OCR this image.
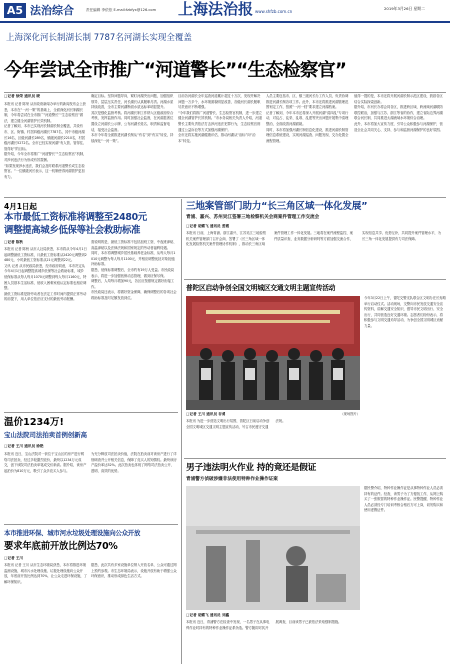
A5 法治综合	责任编辑 李依依 E-mail:fzbfyx@126.com 上海法治报 www.shfzb.com.cn
2019年3月26日 星期二
上海深化河长制湖长制 7787名河湖长实现全覆盖
今年尝试全市推广“河道警长”“生态检察官”
□记者 徐荣 通讯员 晓
本报讯 记者 陈荣 从市政府新闻办举行的新闻发布会上获悉，本市在“一河一策”的基础上，全面深化河长制湖长制，今年将尝试在全市推广“河道警长”“生态检察官”做法，建立健全河湖管护长效机制。
记者了解到，本市已实现河长制湖长制全覆盖，共设有市、区、街镇、村居四级河湖长7787名，其中市级河湖长16名，区级河湖长289名，镇级河湖长2210名，村居级河湖长5272名。全市已经实现河湖“有人管、管得住、管得好”的目标。
据介绍，今年全市将推广“河道警长”“生态检察官”机制，对涉河违法行为形成有效震慑。
“如果发现涉水违法，我们会及时联系河道警长或生态检察官。”一位镇级河长表示，这一机制使得河湖管护更加有力。
确定目标。坚持问题导向，紧盯河湖突出问题，加强组织领导，层层压实责任，河长湖长认真履职尽责。河湖水质持续改善，全市主要河湖断面水质达标率明显提升。
其次是强化监督考核。将河湖长制工作纳入区级政府综合考核，发挥监督作用。同时加强社会监督，在河湖显著位置设立河湖长公示牌，公布河湖长姓名、职责和监督电话，接受社会监督。
本市今年将全面推进河湖长制从“有名”到“有实”转变，持续深化“一河一策”。
目前各河湖长全年巡查河道累计超过十万次，发现并解决问题一万多个，水环境面貌明显改善，各级河长湖长履职尽责意识不断增强。
“今年我们将推广河道警长、生态检察官机制，进一步建立健全河湖管护长效机制。”市水务局相关负责人介绍，河道警长主要负责依法打击涉河违法犯罪行为，生态检察官则通过公益诉讼等方式加强河湖保护。
全市还将实施河湖健康评估，推动河湖从“治标”向“治本”转变。
人员主要包括市、区、镇三级河长办工作人员，负责协调推进河湖长制各项工作。此外，本市还将推进河湖管理范围划定工作，按照“一河一档”要求建立河湖档案。
记者了解到，今年本市还将深入开展河湖“清四乱”专项行动，对乱占、乱采、乱堆、乱建等突出问题开展集中清理整治，全面改善河湖面貌。
同时，本市将加强河湖长制信息化建设，推进河湖长制管理信息系统建设，实现河湖巡查、问题发现、交办处置全流程管理。
值得一提的是，本市还将开展河湖长制示范区建设，鼓励各区结合实际探索创新。
据介绍，市河长办将会同各区，推进跨区域、跨流域河湖联防联控联治，加强与江苏、浙江等省的协作，建立省际边界河湖联合河长制，共同推进太湖流域水环境综合治理。
此外，本市将加大宣传力度，引导公众积极参与河湖保护，营造全社会共同关心、支持、参与和监督河湖保护的良好氛围。
4月1日起
本市最低工资标准将调整至2480元
调整提高城乡低保等社会救助标准
□记者 陈秋
本报讯 记者 陈秋 从市人社局获悉，本市将从今年4月1日起调整最低工资标准，月最低工资标准从2420元调整到2480元，小时最低工资标准从21元调整到22元。
又讯 记者 从市民政局获悉，经市政府同意，本市决定从今年4月1日起调整提高城乡低保等社会救助标准，城乡低保标准从每人每月1070元调整到每人每月1160元，特困人员基本生活标准、低收入困难家庭认定标准也相应调整。
最低工资标准是指劳动者在法定工作时间内提供正常劳动的前提下，用人单位依法应支付的最低劳动报酬。
需说明的是，最低工资标准不包括加班工资、中夜班津贴、高温津贴以及法律法规和国家规定的劳动者福利待遇。
同时，本市将调整城乡居民基础养老金标准，从每人每月1010元调整为每人每月1100元，并相应调整优抚对象抚恤补助标准。
据悉，低保标准调整后，全市约有19万人受益。市民政局表示，将进一步加强低保动态管理，做到应保尽保。
调整后，人均每月增加90元，各区应按照规定做好衔接工作。
市民政局还表示，将做好资金保障，确保调整后的各项社会救助标准及时足额发放到位。
温价1234万!
宝山法院司法拍卖首例创新高
□记者 王川 通讯员 徐艳
本报讯 近日，宝山法院对一套位于宝山区的房产进行网络司法拍卖，经过多轮激烈竞价，最终以1234万元成交，创下该院司法拍卖单笔成交价新高。据介绍，该房产起拍价为810万元，吸引了众多竞买人参与。
为充分释放司法拍卖价值，法院在拍卖前对该房产进行了详细调查并公开相关信息，保障了竞买人的知情权。最终该房产溢价率达52%。此次拍卖也体现了网络司法拍卖公开、透明、高效的优势。
本市推进环保、城市河水垃圾处理设施向公众开放
要求年底前开放比例达70%
□记者 王川
本报讯 记者 王川 从市生态环境局获悉，本市将推进环境监测设施、城市污水处理设施、垃圾处理设施向公众开放，年底前开放比例达到70%，让公众走进环保设施，了解环保知识。
据悉，此次共有多家设施单位纳入开放名单，公众可通过网上预约参观。市生态环境局表示，设施开放有助于增强公众环保意识，推动形成绿色生活方式。
三地案管部门助力“长三角区域一体化发展”
青浦、嘉兴、苏州吴江签署三地检察机关会商案件管理工作交流会
□记者 胡蝶飞 通讯员 姜霞
本报讯 日前，上海青浦、浙江嘉兴、江苏吴江三地检察机关案件管理部门召开会商，签署了《长三角区域一体化发展检察机关案件管理协作机制》，推动长三角区域案件管理工作一体化发展。三地将在案件流程监控、案件质量评查、业务数据分析研判等方面加强交流合作，实现信息共享、优势互补，共同提升案件管理水平，为长三角一体化发展提供有力司法保障。
普陀区启动争创全国文明城区交通文明主题宣传活动
□记者 王川 通讯员 谷勇	（现场图片）
本报讯 为进一步营造文明出行氛围，普陀区日前启动争创全国文明城区交通文明主题宣传活动，号召市民遵守交通法规。
今年3月22日上午，普陀交警支队联合区文明办在长寿路举行启动仪式。活动现场，交警向市民发放交通安全宣传资料，讲解交通安全知识，倡导市民文明出行、安全出行，共同营造良好交通环境。志愿者们纷纷表示，将积极参与文明交通劝导活动，为争创全国文明城区贡献力量。
男子违法明火作业 持的竟还是假证
青浦警方侦破涉嫌非法使用特种作业操作证案
□记者 胡蝶飞 通讯员 刘鑫
本报讯 近日，青浦警方在检查中发现，一名男子在从事电焊作业时持有的特种作业操作证系伪造。警方随即对其开展调查，目前该男子已被依法采取强制措施。
据民警介绍，特种作业操作证是从事特种作业人员必须持有的证件。经查，该男子为了方便找工作，从网上购买了一张假冒的特种作业操作证。民警提醒，特种作业人员必须经专门培训考核合格后方可上岗，切勿购买和使用虚假证件。
